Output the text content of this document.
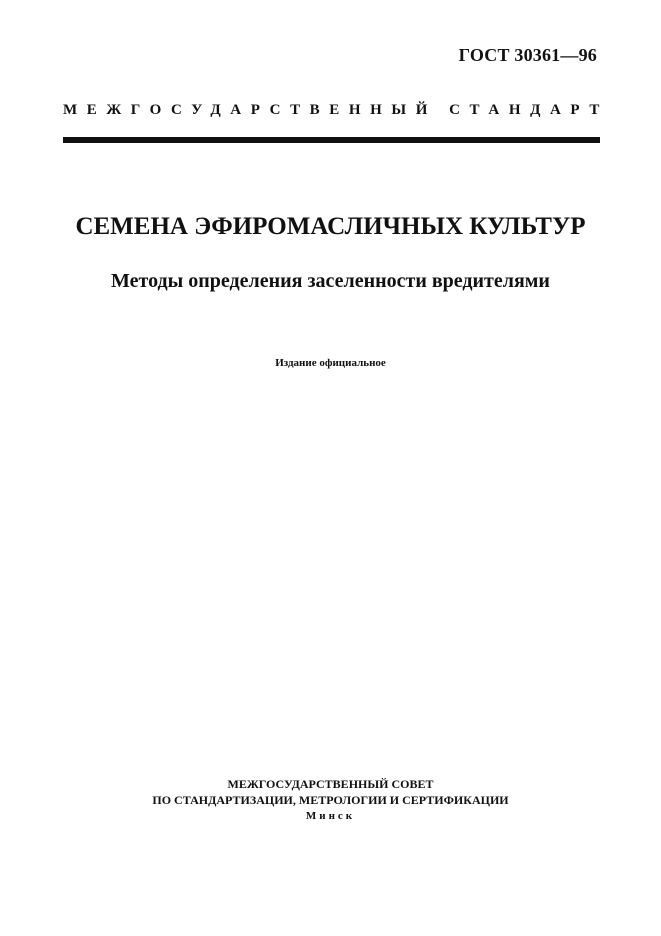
ГОСТ 30361—96
МЕЖГОСУДАРСТВЕННЫЙ СТАНДАРТ
СЕМЕНА ЭФИРОМАСЛИЧНЫХ КУЛЬТУР
Методы определения заселенности вредителями
Издание официальное
МЕЖГОСУДАРСТВЕННЫЙ СОВЕТ
ПО СТАНДАРТИЗАЦИИ, МЕТРОЛОГИИ И СЕРТИФИКАЦИИ
Минск
